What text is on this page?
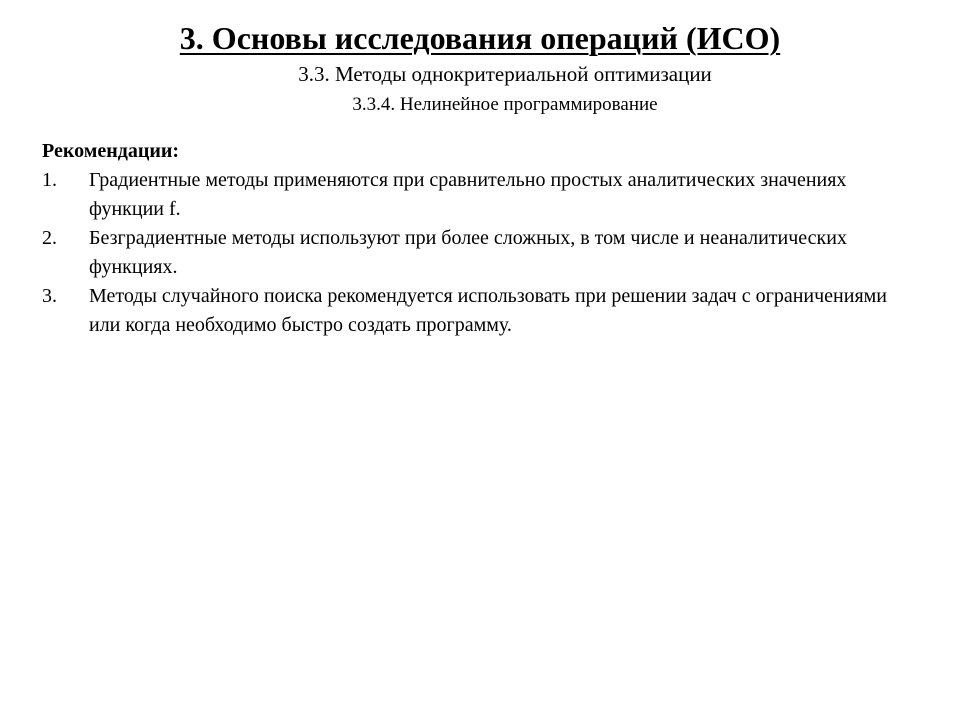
3. Основы исследования операций (ИСО)

3.3. Методы однокритериальной оптимизации

3.3.4. Нелинейное программирование

Рекомендации:

1. Градиентные методы применяются при сравнительно простых аналитических значениях функции f.
2. Безградиентные методы используют при более сложных, в том числе и неаналитических функциях.
3. Методы случайного поиска рекомендуется использовать при решении задач с ограничениями или когда необходимо быстро создать программу.
